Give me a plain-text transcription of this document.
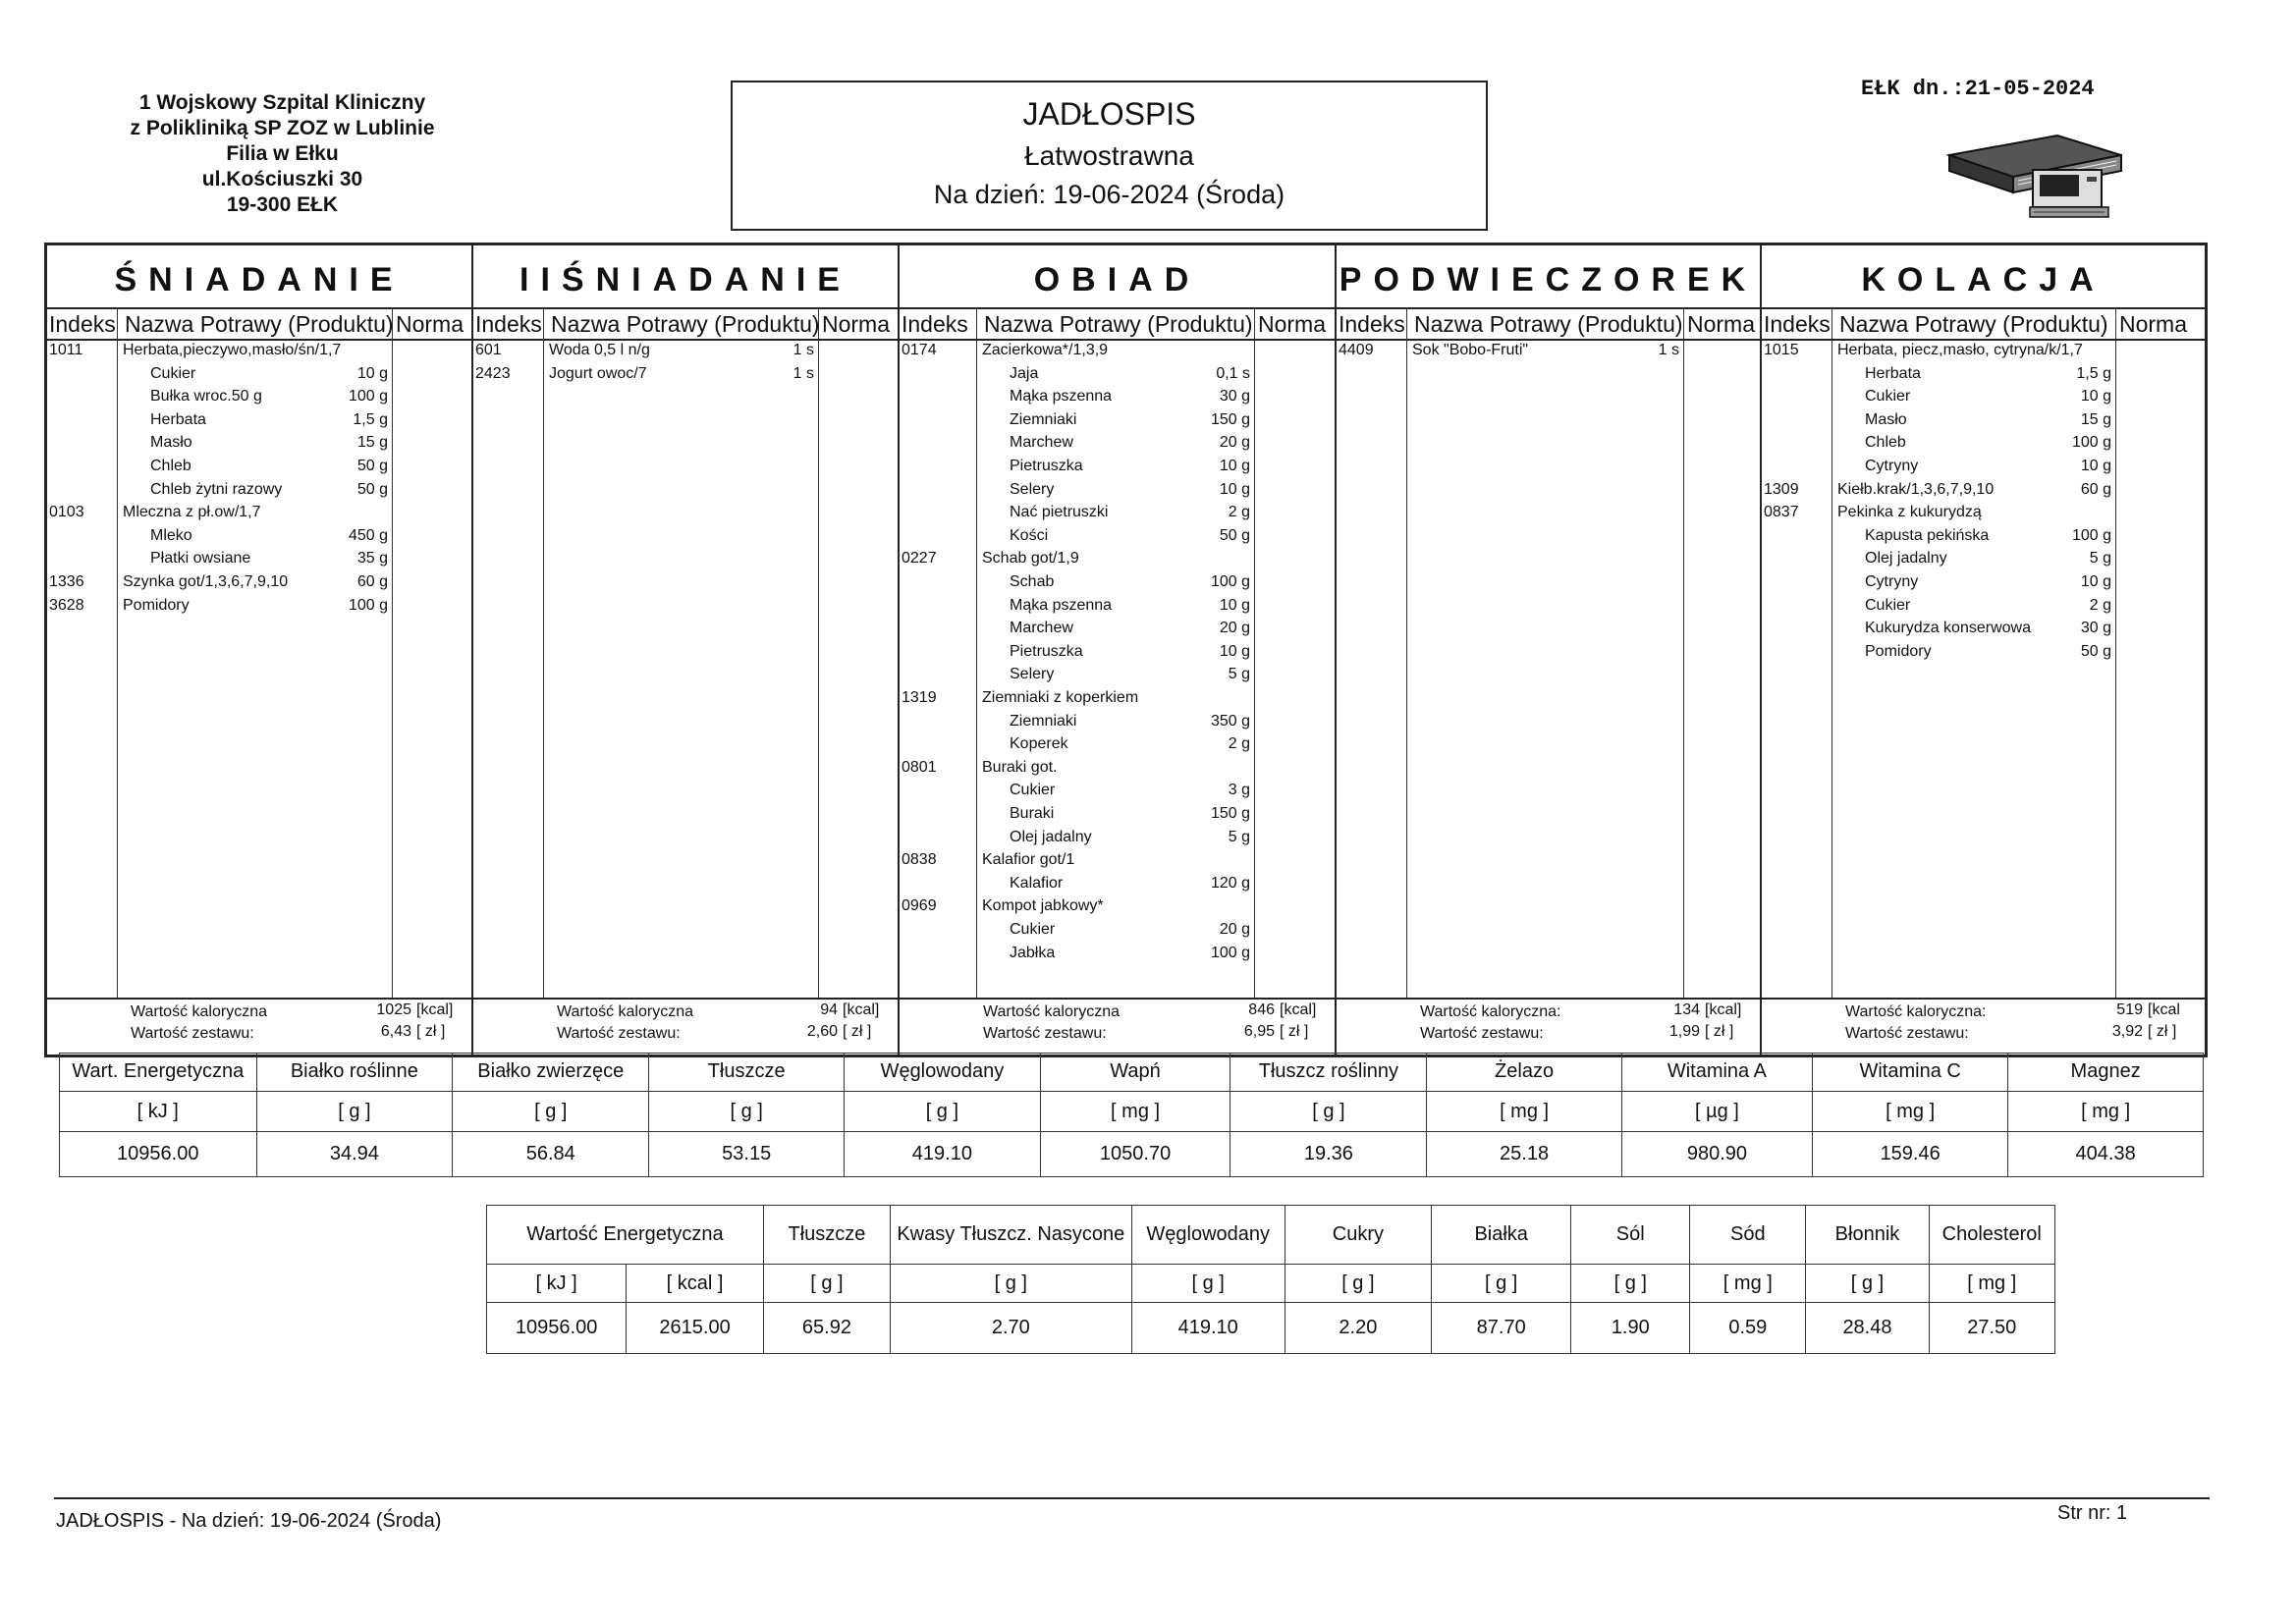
1 Wojskowy Szpital Kliniczny
z Polikliniką SP ZOZ w Lublinie
Filia w Ełku
ul.Kościuszki 30
19-300 EŁK
JADŁOSPIS
Łatwostrawna
Na dzień: 19-06-2024 (Środa)
EŁK dn.:21-05-2024
ŚNIADANIE
Indeks Nazwa Potrawy (Produktu) Norma
1011	Herbata,pieczywo,masło/śn/1,7
Cukier	10 g
Bułka wroc.50 g	100 g
Herbata	1,5 g
Masło	15 g
Chleb	50 g
Chleb żytni razowy	50 g
0103 Mleczna z pł.ow/1,7
Mleko	450 g
Płatki owsiane	35 g
1336 Szynka got/1,3,6,7,9,10	60 g
3628 Pomidory	100 g
Wartość kaloryczna	1025 [kcal]
Wartość zestawu:	6,43 [ zł ]
IIŚNIADANIE
Indeks Nazwa Potrawy (Produktu) Norma
601	Woda 0,5 l n/g	1 s
2423 Jogurt owoc/7	1 s
Wartość kaloryczna	94 [kcal]
Wartość zestawu:	2,60 [ zł ]
OBIAD
Indeks Nazwa Potrawy (Produktu) Norma
0174	Zacierkowa*/1,3,9
Jaja	0,1 s
Mąka pszenna	30 g
Ziemniaki	150 g
Marchew	20 g
Pietruszka	10 g
Selery	10 g
Nać pietruszki	2 g
Kości	50 g
0227	Schab got/1,9
Schab	100 g
Mąka pszenna	10 g
Marchew	20 g
Pietruszka	10 g
Selery	5 g
1319	Ziemniaki z koperkiem
Ziemniaki	350 g
Koperek	2 g
0801	Buraki got.
Cukier	3 g
Buraki	150 g
Olej jadalny	5 g
0838	Kalafior got/1
Kalafior	120 g
0969	Kompot jabkowy*
Cukier	20 g
Jabłka	100 g
Wartość kaloryczna	846 [kcal]
Wartość zestawu:	6,95 [ zł ]
PODWIECZOREK
Indeks Nazwa Potrawy (Produktu) Norma
4409 Sok "Bobo-Fruti"	1 s
Wartość kaloryczna:	134 [kcal]
Wartość zestawu:	1,99 [ zł ]
KOLACJA
Indeks Nazwa Potrawy (Produktu) Norma
1015 Herbata, piecz,masło, cytryna/k/1,7
Herbata	1,5 g
Cukier	10 g
Masło	15 g
Chleb	100 g
Cytryny	10 g
1309 Kiełb.krak/1,3,6,7,9,10	60 g
0837 Pekinka z kukurydzą
Kapusta pekińska	100 g
Olej jadalny	5 g
Cytryny	10 g
Cukier	2 g
Kukurydza konserwowa	30 g
Pomidory	50 g
Wartość kaloryczna:	519 [kcal
Wartość zestawu:	3,92 [ zł ]
Wart. Energetyczna	Białko roślinne	Białko zwierzęce	Tłuszcze	Węglowodany	Wapń	Tłuszcz roślinny	Żelazo	Witamina A	Witamina C	Magnez
[ kJ ]	[ g ]	[ g ]	[ g ]	[ g ]	[ mg ]	[ g ]	[ mg ]	[ µg ]	[ mg ]	[ mg ]
10956.00	34.94	56.84	53.15	419.10	1050.70	19.36	25.18	980.90	159.46	404.38
Wartość Energetyczna		Tłuszcze	Kwasy Tłuszcz. Nasycone	Węglowodany	Cukry	Białka	Sól	Sód	Błonnik	Cholesterol
[ kJ ]	[ kcal ]	[ g ]	[ g ]	[ g ]	[ g ]	[ g ]	[ g ]	[ mg ]	[ g ]	[ mg ]
10956.00	2615.00	65.92	2.70	419.10	2.20	87.70	1.90	0.59	28.48	27.50
JADŁOSPIS - Na dzień: 19-06-2024 (Środa)	Str nr: 1
